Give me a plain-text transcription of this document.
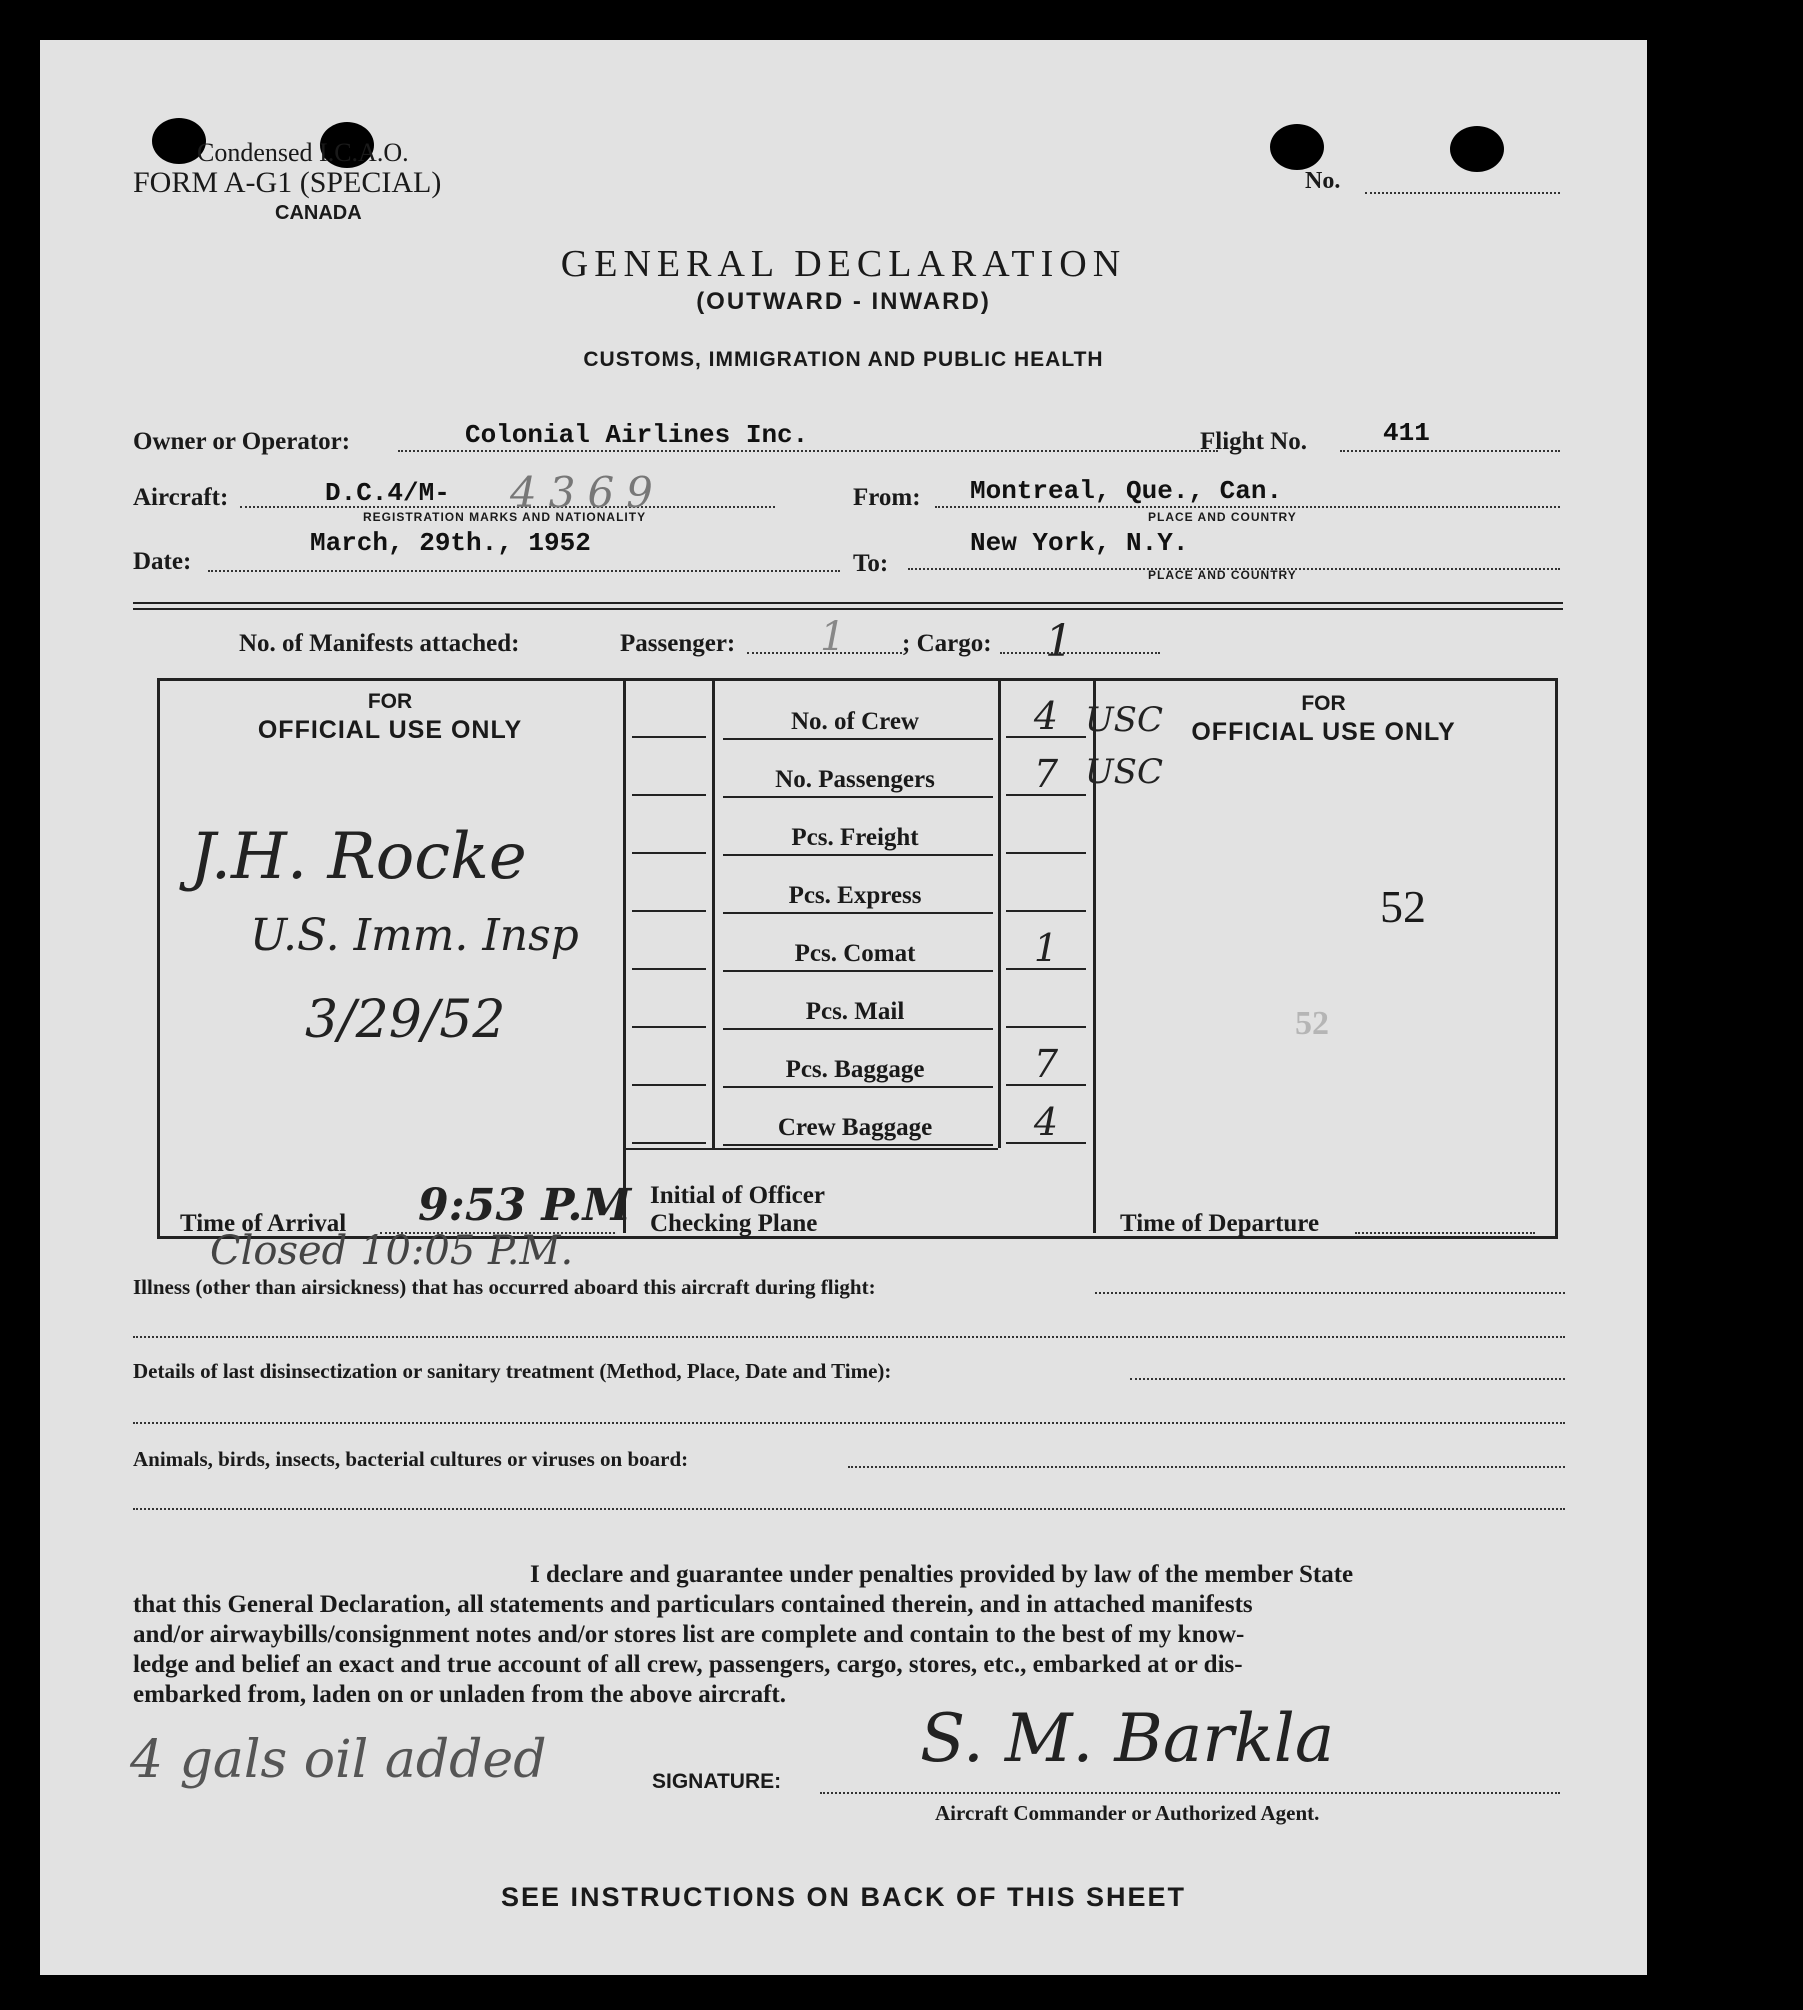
Condensed I.C.A.O.
FORM A-G1 (SPECIAL)
CANADA
No.
GENERAL DECLARATION
(OUTWARD - INWARD)
CUSTOMS, IMMIGRATION AND PUBLIC HEALTH
Owner or Operator:	Colonial Airlines Inc.	Flight No.	411
Aircraft:	D.C.4/M- 4369
REGISTRATION MARKS AND NATIONALITY
From: Montreal, Que., Can.
PLACE AND COUNTRY
Date:
March, 29th., 1952
To:
New York, N.Y.
PLACE AND COUNTRY
No. of Manifests attached:	Passenger: 1 ; Cargo: 1
FOR
OFFICIAL USE ONLY
FOR
OFFICIAL USE ONLY
J.H. Rocke
U.S. Imm. Insp
3/29/52
USC
USC
52
52
Time of Arrival 9:53 P.M Initial of Officer
Checking Plane	Time of Departure
Closed 10:05 P.M.
Illness (other than airsickness) that has occurred aboard this aircraft during flight:
Details of last disinsectization or sanitary treatment (Method, Place, Date and Time):
Animals, birds, insects, bacterial cultures or viruses on board:
I declare and guarantee under penalties provided by law of the member State
that this General Declaration, all statements and particulars contained therein, and in attached manifests
and/or airwaybills/consignment notes and/or stores list are complete and contain to the best of my know-
ledge and belief an exact and true account of all crew, passengers, cargo, stores, etc., embarked at or dis-
embarked from, laden on or unladen from the above aircraft.
4 gals oil added	S. M. Barkla
SIGNATURE:
Aircraft Commander or Authorized Agent.
SEE INSTRUCTIONS ON BACK OF THIS SHEET
No. of Crew	4
No. Passengers	7
Pcs. Freight
Pcs. Express
Pcs. Comat	1
Pcs. Mail
Pcs. Baggage	7
Crew Baggage	4
